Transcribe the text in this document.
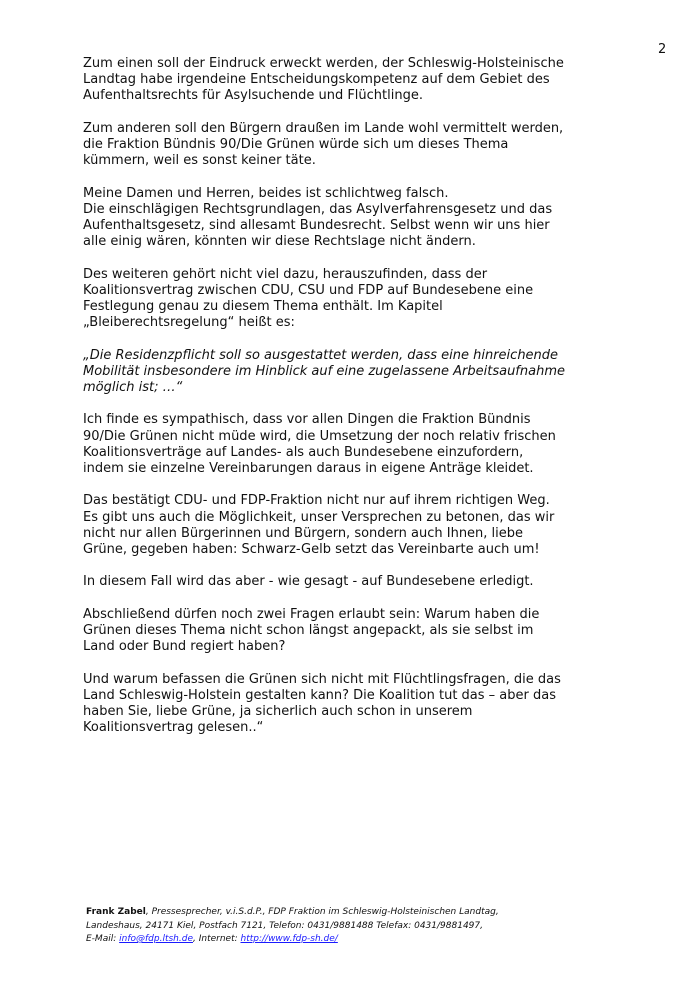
2

Zum einen soll der Eindruck erweckt werden, der Schleswig-Holsteinische
Landtag habe irgendeine Entscheidungskompetenz auf dem Gebiet des
Aufenthaltsrechts für Asylsuchende und Flüchtlinge.

Zum anderen soll den Bürgern draußen im Lande wohl vermittelt werden,
die Fraktion Bündnis 90/Die Grünen würde sich um dieses Thema
kümmern, weil es sonst keiner täte.

Meine Damen und Herren, beides ist schlichtweg falsch.
Die einschlägigen Rechtsgrundlagen, das Asylverfahrensgesetz und das
Aufenthaltsgesetz, sind allesamt Bundesrecht. Selbst wenn wir uns hier
alle einig wären, könnten wir diese Rechtslage nicht ändern.

Des weiteren gehört nicht viel dazu, herauszufinden, dass der
Koalitionsvertrag zwischen CDU, CSU und FDP auf Bundesebene eine
Festlegung genau zu diesem Thema enthält. Im Kapitel
„Bleiberechtsregelung“ heißt es:

„Die Residenzpflicht soll so ausgestattet werden, dass eine hinreichende
Mobilität insbesondere im Hinblick auf eine zugelassene Arbeitsaufnahme
möglich ist; …“

Ich finde es sympathisch, dass vor allen Dingen die Fraktion Bündnis
90/Die Grünen nicht müde wird, die Umsetzung der noch relativ frischen
Koalitionsverträge auf Landes- als auch Bundesebene einzufordern,
indem sie einzelne Vereinbarungen daraus in eigene Anträge kleidet.

Das bestätigt CDU- und FDP-Fraktion nicht nur auf ihrem richtigen Weg.
Es gibt uns auch die Möglichkeit, unser Versprechen zu betonen, das wir
nicht nur allen Bürgerinnen und Bürgern, sondern auch Ihnen, liebe
Grüne, gegeben haben: Schwarz-Gelb setzt das Vereinbarte auch um!

In diesem Fall wird das aber - wie gesagt - auf Bundesebene erledigt.

Abschließend dürfen noch zwei Fragen erlaubt sein: Warum haben die
Grünen dieses Thema nicht schon längst angepackt, als sie selbst im
Land oder Bund regiert haben?

Und warum befassen die Grünen sich nicht mit Flüchtlingsfragen, die das
Land Schleswig-Holstein gestalten kann? Die Koalition tut das – aber das
haben Sie, liebe Grüne, ja sicherlich auch schon in unserem
Koalitionsvertrag gelesen..“

Frank Zabel, Pressesprecher, v.i.S.d.P., FDP Fraktion im Schleswig-Holsteinischen Landtag,
Landeshaus, 24171 Kiel, Postfach 7121, Telefon: 0431/9881488 Telefax: 0431/9881497,
E-Mail: info@fdp.ltsh.de, Internet: http://www.fdp-sh.de/
